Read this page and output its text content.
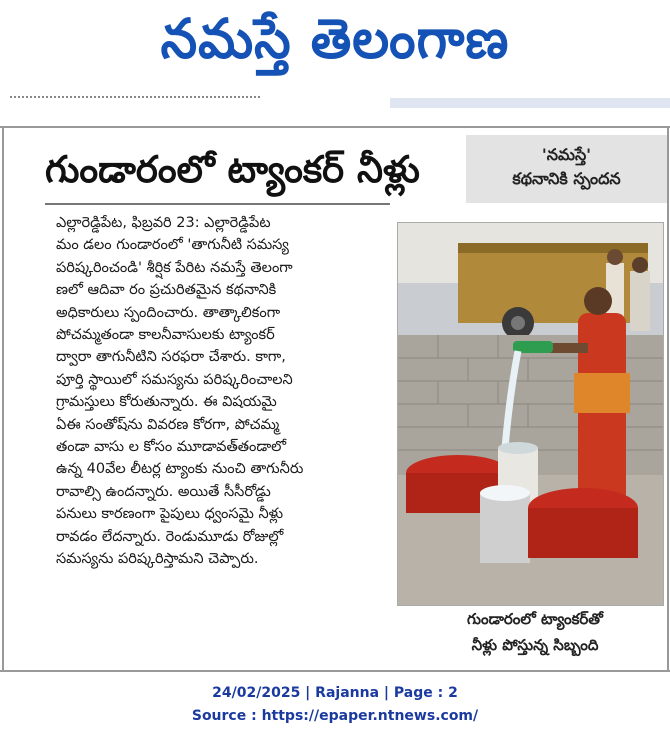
నమస్తే తెలంగాణ
గుండారంలో ట్యాంకర్ నీళ్లు	'నమస్తే'
కథనానికి స్పందన

ఎల్లారెడ్డిపేట, ఫిబ్రవరి 23: ఎల్లారెడ్డిపేట

మం డలం గుండారంలో 'తాగునీటి సమస్య

పరిష్కరించండి' శీర్షిక పేరిట నమస్తే తెలంగా

ణలో ఆదివా రం ప్రచురితమైన కథనానికి

అధికారులు స్పందించారు. తాత్కాలికంగా

పోచమ్మతండా కాలనీవాసులకు ట్యాంకర్

ద్వారా తాగునీటిని సరఫరా చేశారు. కాగా,

పూర్తి స్థాయిలో సమస్యను పరిష్కరించాలని

గ్రామస్తులు కోరుతున్నారు. ఈ విషయమై

ఏఈ సంతోష్‌ను వివరణ కోరగా, పోచమ్మ

తండా వాసు ల కోసం మూడావత్‌తండాలో

ఉన్న 40వేల లీటర్ల ట్యాంకు నుంచి తాగునీరు

రావాల్సి ఉందన్నారు. అయితే సీసీరోడ్డు

పనులు కారణంగా పైపులు ధ్వంసమై నీళ్లు

రావడం లేదన్నారు. రెండుమూడు రోజుల్లో

సమస్యను పరిష్కరిస్తామని చెప్పారు.

గుండారంలో ట్యాంకర్‌తో
నీళ్లు పోస్తున్న సిబ్బంది
24/02/2025 | Rajanna | Page : 2
Source : https://epaper.ntnews.com/
